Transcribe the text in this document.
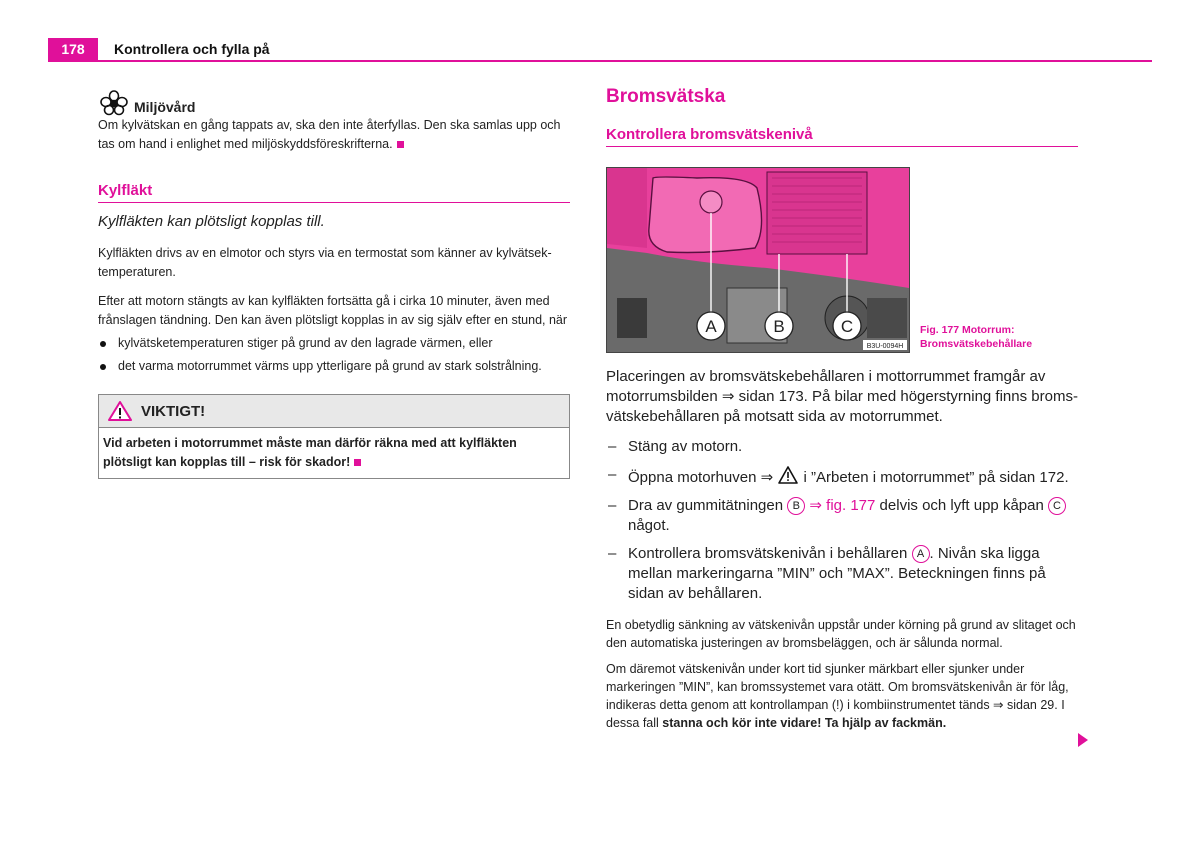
178	Kontrollera och fylla på
Miljövård

Om kylvätskan en gång tappats av, ska den inte återfyllas. Den ska samlas upp och tas om hand i enlighet med miljöskyddsföreskrifterna.

Kylfläkt
Kylfläkten kan plötsligt kopplas till.

Kylfläkten drivs av en elmotor och styrs via en termostat som känner av kylvätsek-temperaturen.

Efter att motorn stängts av kan kylfläkten fortsätta gå i cirka 10 minuter, även med frånslagen tändning. Den kan även plötsligt kopplas in av sig själv efter en stund, när

kylvätsketemperaturen stiger på grund av den lagrade värmen, eller
det varma motorrummet värms upp ytterligare på grund av stark solstrålning.
VIKTIGT!
Vid arbeten i motorrummet måste man därför räkna med att kylfläkten plötsligt kan kopplas till – risk för skador!
Bromsvätska
Kontrollera bromsvätskenivå
A	B	C
B3U-0094H
Fig. 177 Motorrum:
Bromsvätskebehållare

Placeringen av bromsvätskebehållaren i mottorrummet framgår av motorrumsbilden ⇒ sidan 173. På bilar med högerstyrning finns broms-vätskebehållaren på motsatt sida av motorrummet.

– Stäng av motorn.
– Öppna motorhuven ⇒ i ”Arbeten i motorrummet” på sidan 172.
– Dra av gummitätningen B ⇒ fig. 177 delvis och lyft upp kåpan C något.
– Kontrollera bromsvätskenivån i behållaren A . Nivån ska ligga mellan markeringarna ”MIN” och ”MAX”. Beteckningen finns på sidan av behållaren.

En obetydlig sänkning av vätskenivån uppstår under körning på grund av slitaget och den automatiska justeringen av bromsbeläggen, och är sålunda normal.

Om däremot vätskenivån under kort tid sjunker märkbart eller sjunker under markeringen ”MIN”, kan bromssystemet vara otätt. Om bromsvätskenivån är för låg, indikeras detta genom att kontrollampan (!) i kombiinstrumentet tänds ⇒ sidan 29. I dessa fall stanna och kör inte vidare! Ta hjälp av fackmän.
